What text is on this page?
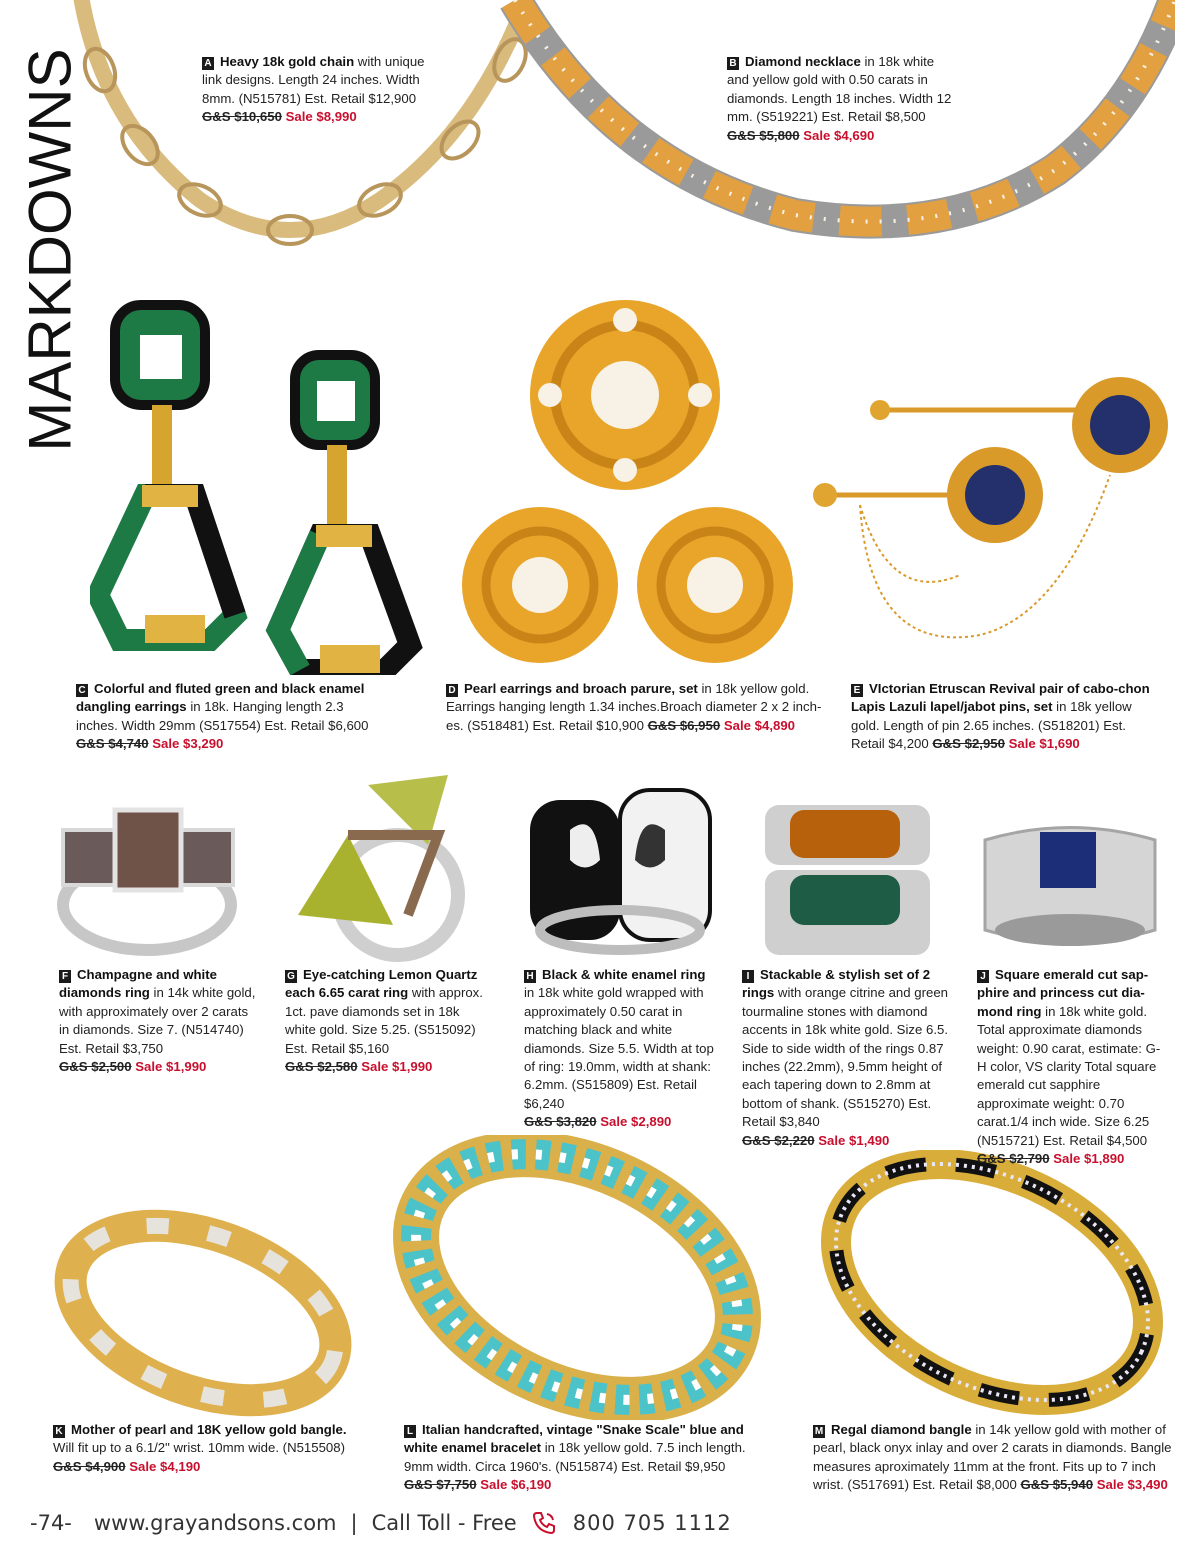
MARKDOWNS	A Heavy 18k gold chain with unique link designs. Length 24 inches. Width 8mm. (N515781) Est. Retail $12,900
G&S $10,650 Sale $8,990
B Diamond necklace in 18k white and yellow gold with 0.50 carats in diamonds. Length 18 inches. Width 12 mm. (S519221) Est. Retail $8,500
G&S $5,800 Sale $4,690
C Colorful and fluted green and black enamel dangling earrings in 18k. Hanging length 2.3 inches. Width 29mm (S517554) Est. Retail $6,600
G&S $4,740 Sale $3,290
D Pearl earrings and broach parure, set in 18k yellow gold. Earrings hanging length 1.34 inches.Broach diameter 2 x 2 inch-es. (S518481) Est. Retail $10,900 G&S $6,950 Sale $4,890
E VIctorian Etruscan Revival pair of cabo-chon Lapis Lazuli lapel/jabot pins, set in 18k yellow gold. Length of pin 2.65 inches. (S518201) Est. Retail $4,200 G&S $2,950 Sale $1,690
F Champagne and white diamonds ring in 14k white gold, with approximately over 2 carats in diamonds. Size 7. (N514740) Est. Retail $3,750
G&S $2,500 Sale $1,990
G Eye-catching Lemon Quartz each 6.65 carat ring with approx. 1ct. pave diamonds set in 18k white gold. Size 5.25. (S515092) Est. Retail $5,160
G&S $2,580 Sale $1,990
H Black & white enamel ring in 18k white gold wrapped with approximately 0.50 carat in matching black and white diamonds. Size 5.5. Width at top of ring: 19.0mm, width at shank: 6.2mm. (S515809) Est. Retail $6,240
G&S $3,820 Sale $2,890
I Stackable & stylish set of 2 rings with orange citrine and green tourmaline stones with diamond accents in 18k white gold. Size 6.5. Side to side width of the rings 0.87 inches (22.2mm), 9.5mm height of each tapering down to 2.8mm at bottom of shank. (S515270) Est. Retail $3,840
G&S $2,220 Sale $1,490
J Square emerald cut sap-phire and princess cut dia-mond ring in 18k white gold. Total approximate diamonds weight: 0.90 carat, estimate: G-H color, VS clarity Total square emerald cut sapphire approximate weight: 0.70 carat.1/4 inch wide. Size 6.25 (N515721) Est. Retail $4,500
G&S $2,790 Sale $1,890
K Mother of pearl and 18K yellow gold bangle. Will fit up to a 6.1/2" wrist. 10mm wide. (N515508) G&S $4,900 Sale $4,190
L Italian handcrafted, vintage "Snake Scale" blue and white enamel bracelet in 18k yellow gold. 7.5 inch length. 9mm width. Circa 1960's. (N515874) Est. Retail $9,950
G&S $7,750 Sale $6,190
M Regal diamond bangle in 14k yellow gold with mother of pearl, black onyx inlay and over 2 carats in diamonds. Bangle measures aproximately 11mm at the front. Fits up to 7 inch wrist. (S517691) Est. Retail $8,000 G&S $5,940 Sale $3,490
-74- www.grayandsons.com | Call Toll - Free	800 705 1112
